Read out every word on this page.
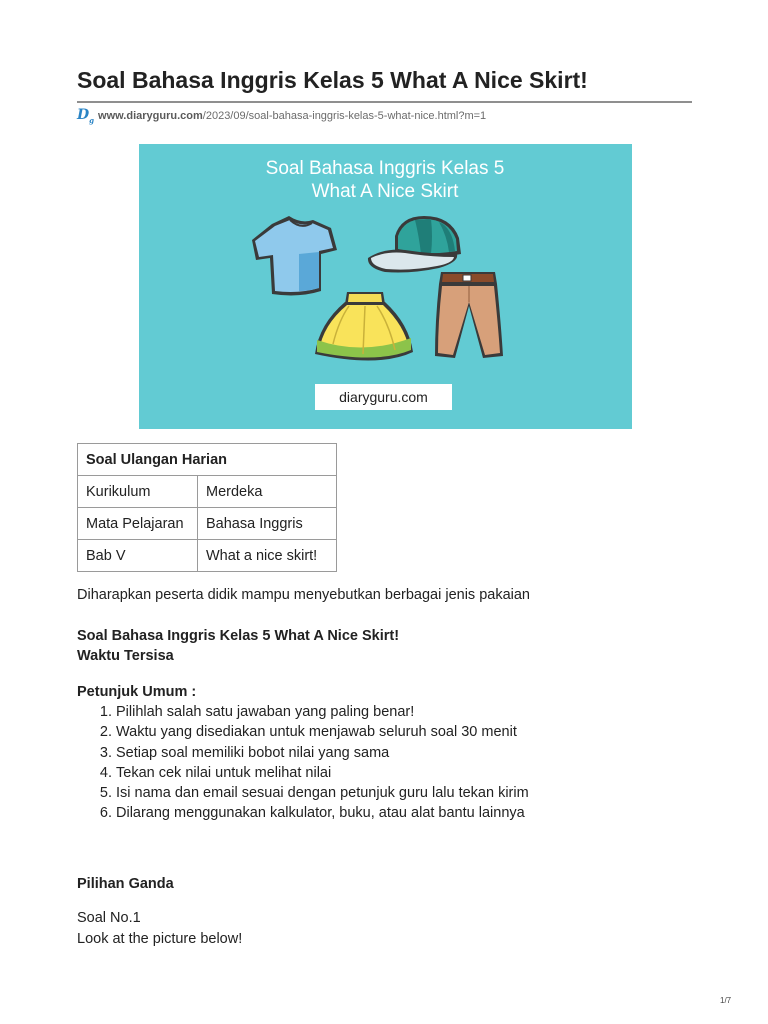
Soal Bahasa Inggris Kelas 5 What A Nice Skirt!
$D_g$ www.diaryguru.com/2023/09/soal-bahasa-inggris-kelas-5-what-nice.html?m=1
Soal Bahasa Inggris Kelas 5
What A Nice Skirt
diaryguru.com
Soal Ulangan Harian	
Kurikulum	Merdeka
Mata Pelajaran	Bahasa Inggris
Bab V	What a nice skirt!

Diharapkan peserta didik mampu menyebutkan berbagai jenis pakaian

Soal Bahasa Inggris Kelas 5 What A Nice Skirt!

Waktu Tersisa

Petunjuk Umum :

1. Pilihlah salah satu jawaban yang paling benar!
2. Waktu yang disediakan untuk menjawab seluruh soal 30 menit
3. Setiap soal memiliki bobot nilai yang sama
4. Tekan cek nilai untuk melihat nilai
5. Isi nama dan email sesuai dengan petunjuk guru lalu tekan kirim
6. Dilarang menggunakan kalkulator, buku, atau alat bantu lainnya

Pilihan Ganda

Soal No.1

Look at the picture below!

1/7
